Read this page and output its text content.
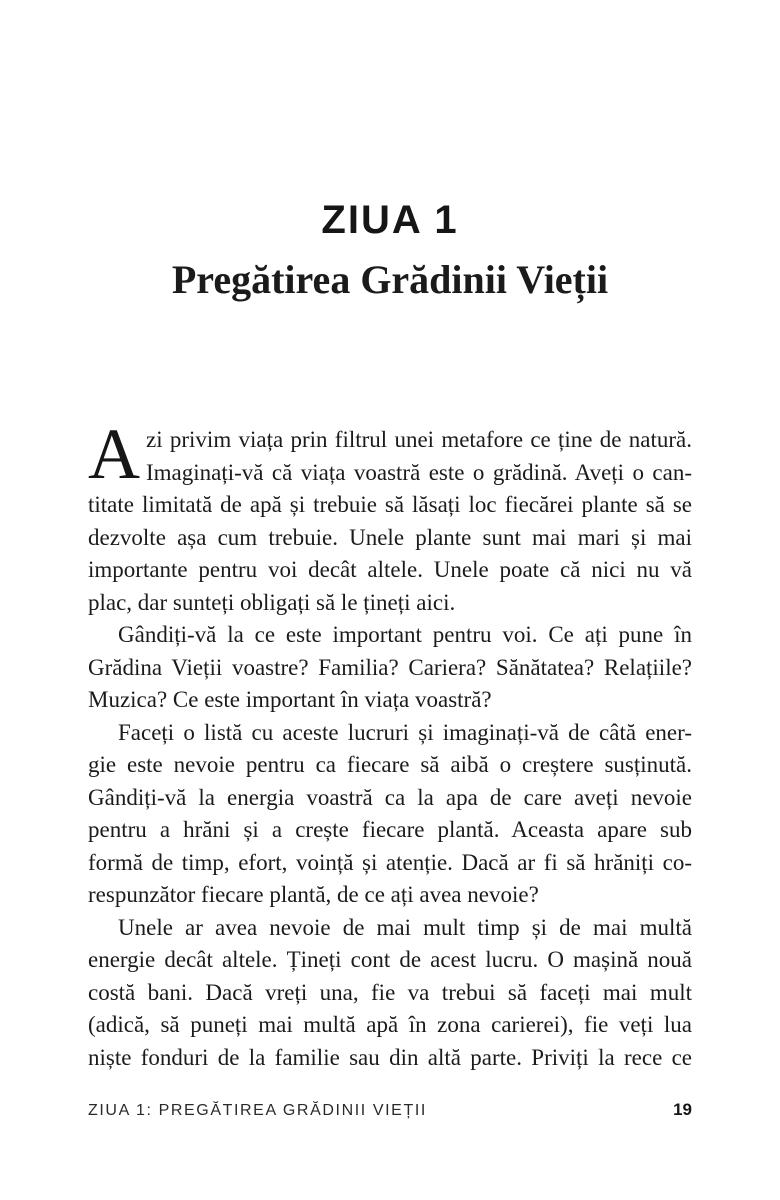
ZIUA 1
Pregătirea Grădinii Vieții
A zi privim viața prin filtrul unei metafore ce ține de natură.
Imaginați-vă că viața voastră este o grădină. Aveți o can-
titate limitată de apă și trebuie să lăsați loc fiecărei plante să se
dezvolte așa cum trebuie. Unele plante sunt mai mari și mai
importante pentru voi decât altele. Unele poate că nici nu vă
plac, dar sunteți obligați să le țineți aici.
Gândiți-vă la ce este important pentru voi. Ce ați pune în
Grădina Vieții voastre? Familia? Cariera? Sănătatea? Relațiile?
Muzica? Ce este important în viața voastră?
Faceți o listă cu aceste lucruri și imaginați-vă de câtă ener-
gie este nevoie pentru ca fiecare să aibă o creștere susținută.
Gândiți-vă la energia voastră ca la apa de care aveți nevoie
pentru a hrăni și a crește fiecare plantă. Aceasta apare sub
formă de timp, efort, voință și atenție. Dacă ar fi să hrăniți co-
respunzător fiecare plantă, de ce ați avea nevoie?
Unele ar avea nevoie de mai mult timp și de mai multă
energie decât altele. Țineți cont de acest lucru. O mașină nouă
costă bani. Dacă vreți una, fie va trebui să faceți mai mult
(adică, să puneți mai multă apă în zona carierei), fie veți lua
niște fonduri de la familie sau din altă parte. Priviți la rece ce
ZIUA 1: PREGĂTIREA GRĂDINII VIEȚII	19
